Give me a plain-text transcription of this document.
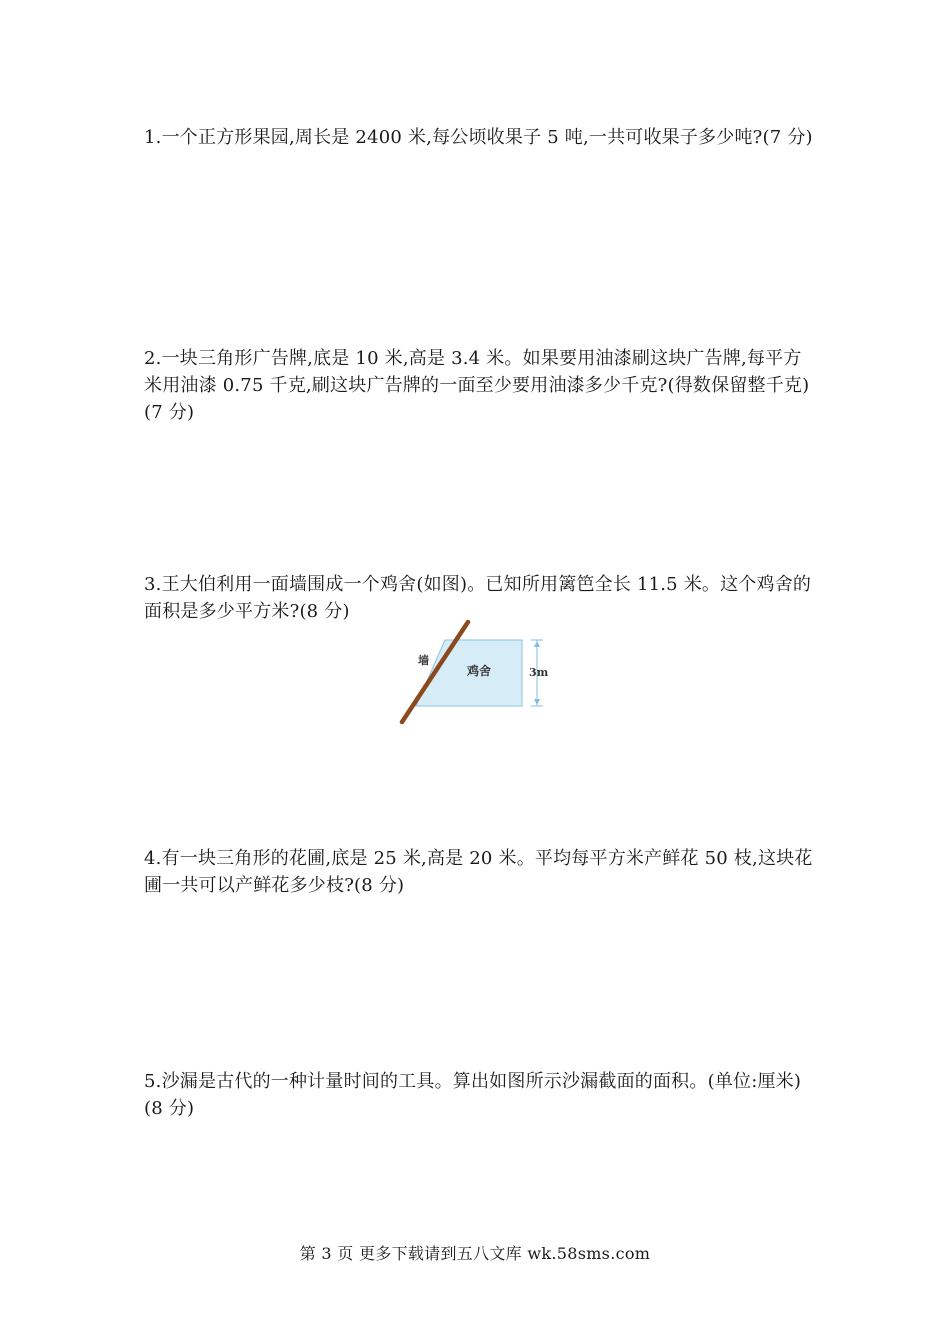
1.一个正方形果园,周长是 2400 米,每公顷收果子 5 吨,一共可收果子多少吨?(7 分)

2.一块三角形广告牌,底是 10 米,高是 3.4 米。如果要用油漆刷这块广告牌,每平方米用油漆 0.75 千克,刷这块广告牌的一面至少要用油漆多少千克?(得数保留整千克)(7 分)

3.王大伯利用一面墙围成一个鸡舍(如图)。已知所用篱笆全长 11.5 米。这个鸡舍的面积是多少平方米?(8 分)

墙
鸡舍	3m

4.有一块三角形的花圃,底是 25 米,高是 20 米。平均每平方米产鲜花 50 枝,这块花圃一共可以产鲜花多少枝?(8 分)

5.沙漏是古代的一种计量时间的工具。算出如图所示沙漏截面的面积。(单位:厘米)(8 分)

第 3 页 更多下载请到五八文库 wk.58sms.com
